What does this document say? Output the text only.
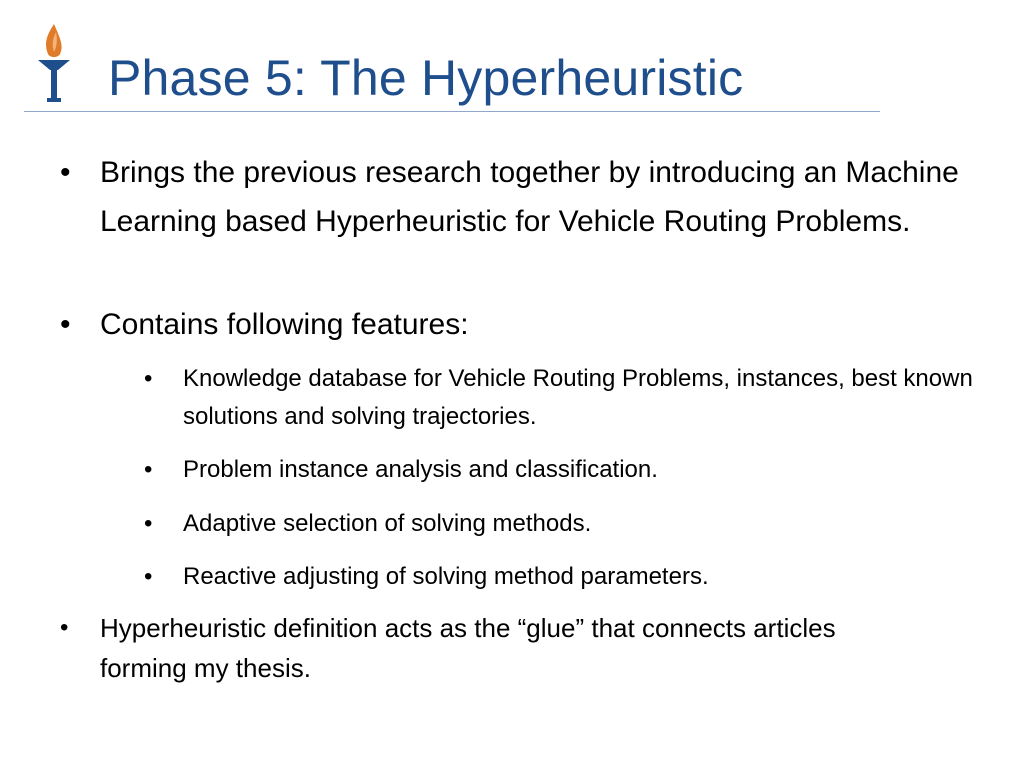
Phase 5: The Hyperheuristic
• Brings the previous research together by introducing an Machine Learning based Hyperheuristic for Vehicle Routing Problems.
• Contains following features:
• Knowledge database for Vehicle Routing Problems, instances, best known solutions and solving trajectories.
• Problem instance analysis and classification.
• Adaptive selection of solving methods.
• Reactive adjusting of solving method parameters.
• Hyperheuristic definition acts as the “glue” that connects articles forming my thesis.
